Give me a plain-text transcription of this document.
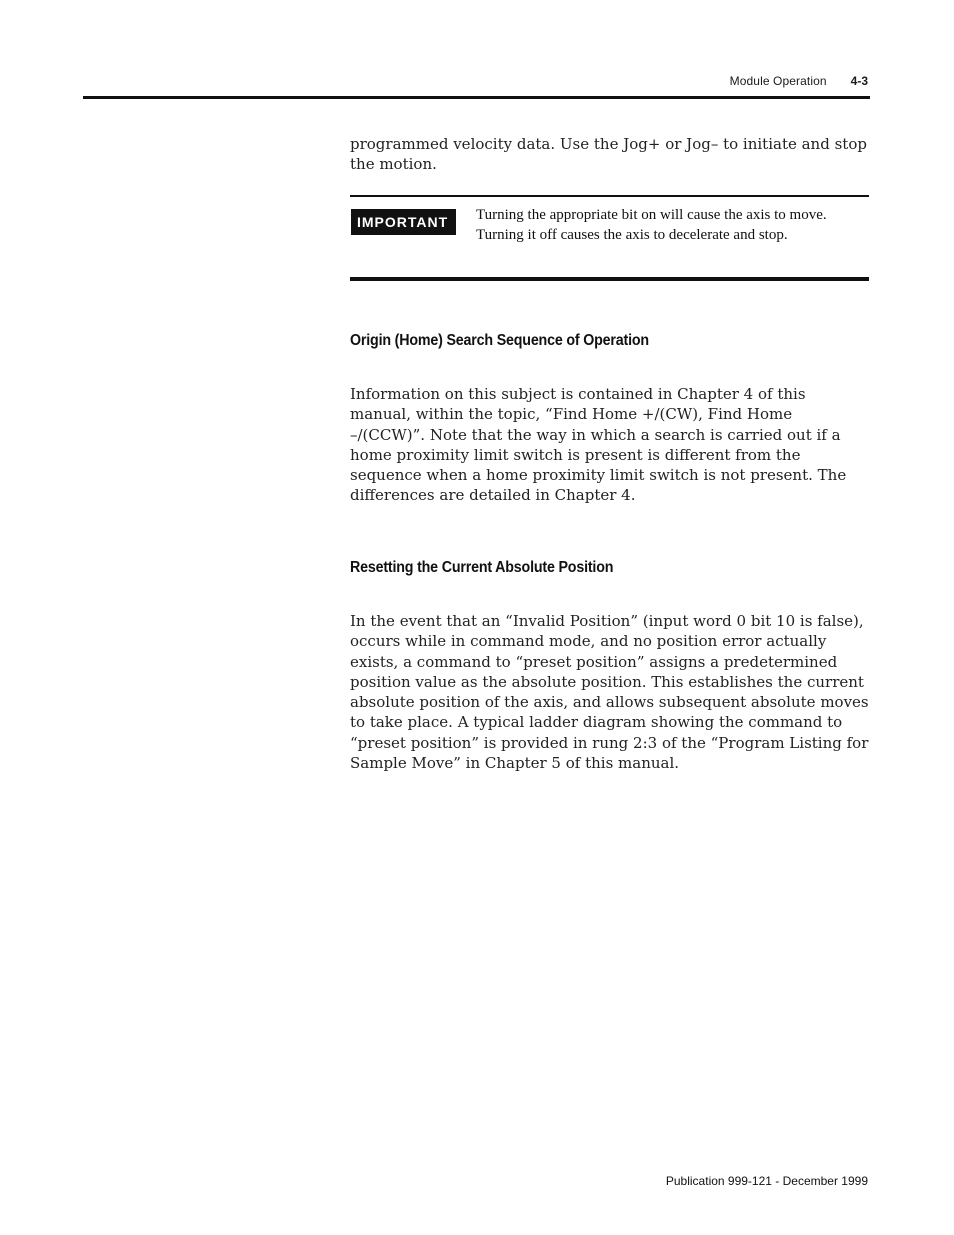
Module Operation 4-3

programmed velocity data. Use the Jog+ or Jog– to initiate and stop the motion.

IMPORTANT	Turning the appropriate bit on will cause the axis to move. Turning it off causes the axis to decelerate and stop.
Origin (Home) Search Sequence of Operation

Information on this subject is contained in Chapter 4 of this manual, within the topic, “Find Home +/(CW), Find Home –/(CCW)”. Note that the way in which a search is carried out if a home proximity limit switch is present is different from the sequence when a home proximity limit switch is not present. The differences are detailed in Chapter 4.

Resetting the Current Absolute Position

In the event that an “Invalid Position” (input word 0 bit 10 is false), occurs while in command mode, and no position error actually exists, a command to “preset position” assigns a predetermined position value as the absolute position. This establishes the current absolute position of the axis, and allows subsequent absolute moves to take place. A typical ladder diagram showing the command to “preset position” is provided in rung 2:3 of the “Program Listing for Sample Move” in Chapter 5 of this manual.

Publication 999-121 - December 1999
